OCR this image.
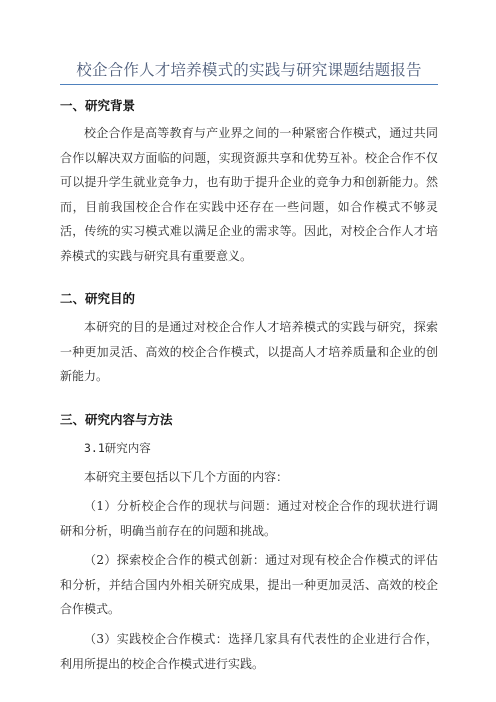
校企合作人才培养模式的实践与研究课题结题报告
一、研究背景
校企合作是高等教育与产业界之间的一种紧密合作模式，通过共同合作以解决双方面临的问题，实现资源共享和优势互补。校企合作不仅可以提升学生就业竞争力，也有助于提升企业的竞争力和创新能力。然而，目前我国校企合作在实践中还存在一些问题，如合作模式不够灵活，传统的实习模式难以满足企业的需求等。因此，对校企合作人才培养模式的实践与研究具有重要意义。
二、研究目的
本研究的目的是通过对校企合作人才培养模式的实践与研究，探索一种更加灵活、高效的校企合作模式，以提高人才培养质量和企业的创新能力。
三、研究内容与方法
3.1研究内容
本研究主要包括以下几个方面的内容：
（1）分析校企合作的现状与问题：通过对校企合作的现状进行调研和分析，明确当前存在的问题和挑战。
（2）探索校企合作的模式创新：通过对现有校企合作模式的评估和分析，并结合国内外相关研究成果，提出一种更加灵活、高效的校企合作模式。
（3）实践校企合作模式：选择几家具有代表性的企业进行合作，利用所提出的校企合作模式进行实践。
